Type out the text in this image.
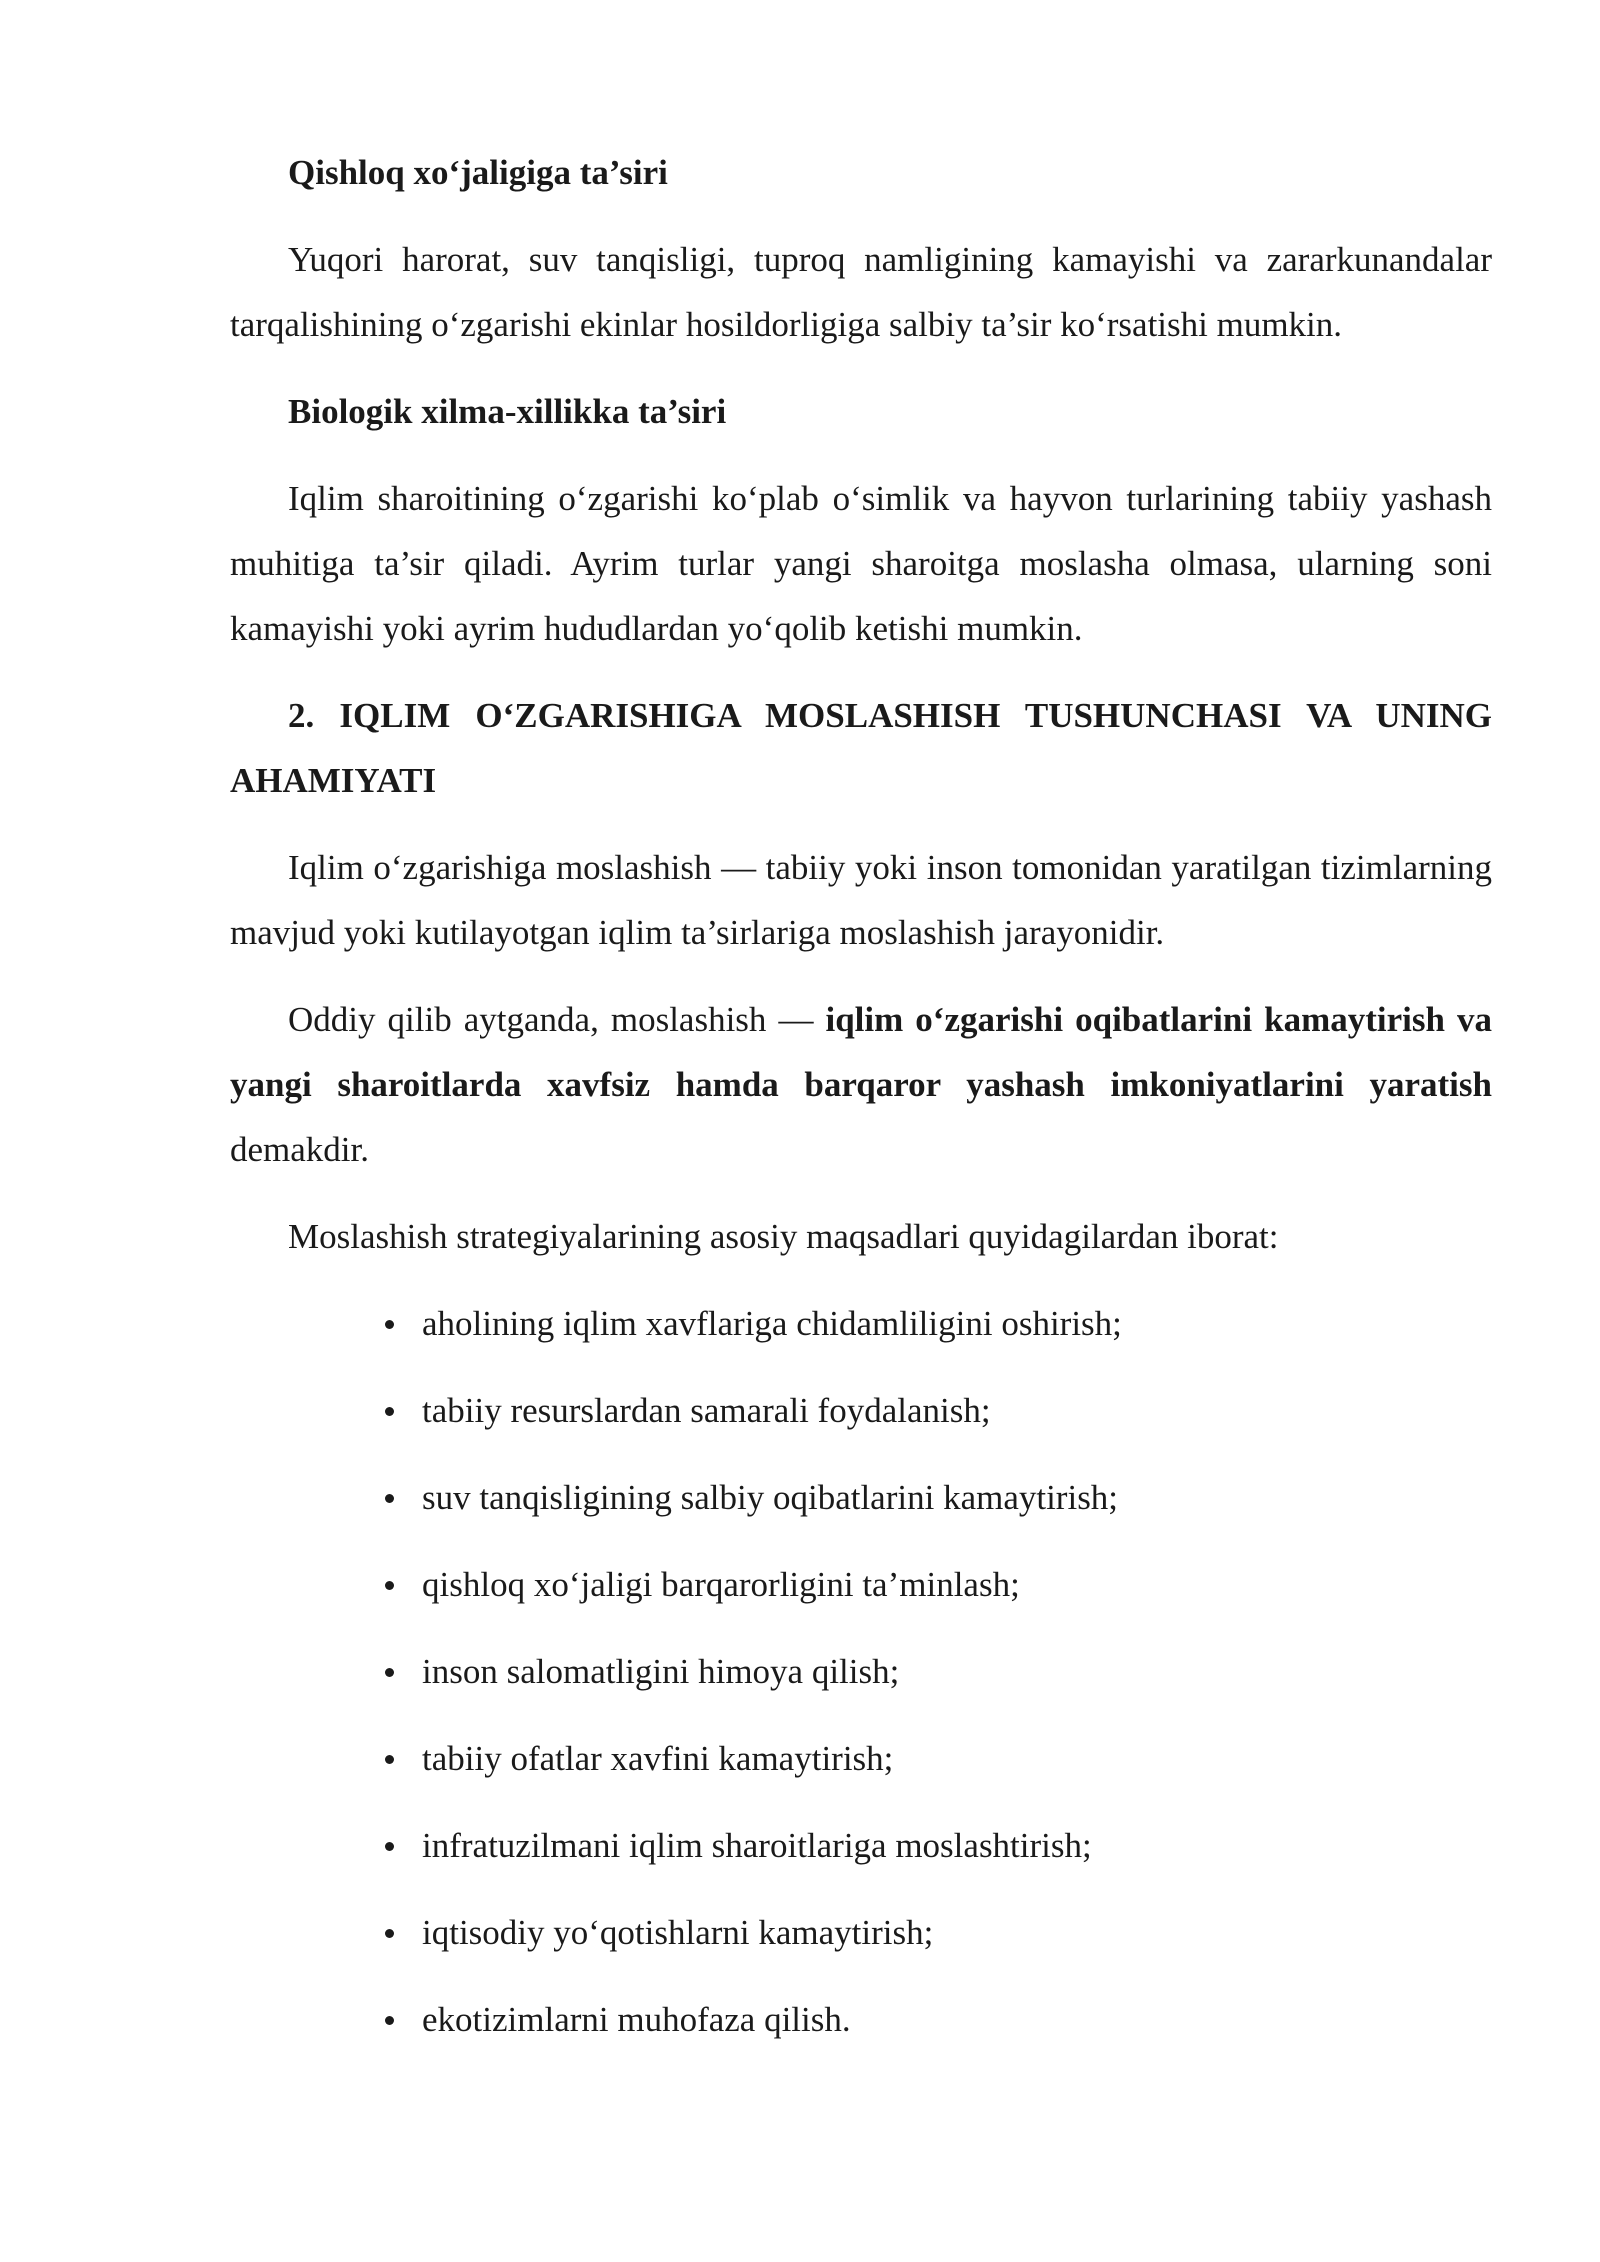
Qishloq xo‘jaligiga ta’siri

Yuqori harorat, suv tanqisligi, tuproq namligining kamayishi va zararkunandalar tarqalishining o‘zgarishi ekinlar hosildorligiga salbiy ta’sir ko‘rsatishi mumkin.

Biologik xilma-xillikka ta’siri

Iqlim sharoitining o‘zgarishi ko‘plab o‘simlik va hayvon turlarining tabiiy yashash muhitiga ta’sir qiladi. Ayrim turlar yangi sharoitga moslasha olmasa, ularning soni kamayishi yoki ayrim hududlardan yo‘qolib ketishi mumkin.

2. IQLIM O‘ZGARISHIGA MOSLASHISH TUSHUNCHASI VA UNING AHAMIYATI

Iqlim o‘zgarishiga moslashish — tabiiy yoki inson tomonidan yaratilgan tizimlarning mavjud yoki kutilayotgan iqlim ta’sirlariga moslashish jarayonidir.

Oddiy qilib aytganda, moslashish — iqlim o‘zgarishi oqibatlarini kamaytirish va yangi sharoitlarda xavfsiz hamda barqaror yashash imkoniyatlarini yaratish demakdir.

Moslashish strategiyalarining asosiy maqsadlari quyidagilardan iborat:

aholining iqlim xavflariga chidamliligini oshirish;
tabiiy resurslardan samarali foydalanish;
suv tanqisligining salbiy oqibatlarini kamaytirish;
qishloq xo‘jaligi barqarorligini ta’minlash;
inson salomatligini himoya qilish;
tabiiy ofatlar xavfini kamaytirish;
infratuzilmani iqlim sharoitlariga moslashtirish;
iqtisodiy yo‘qotishlarni kamaytirish;
ekotizimlarni muhofaza qilish.
